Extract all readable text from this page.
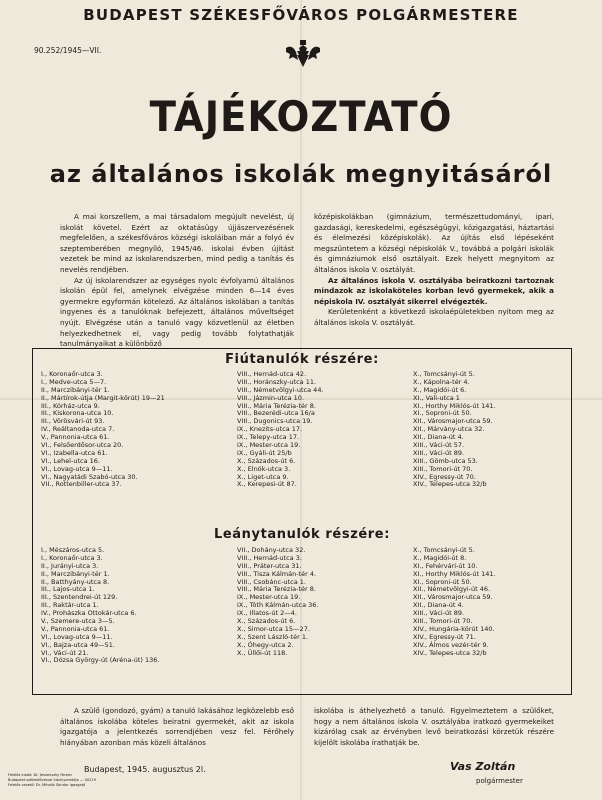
BUDAPEST SZÉKESFŐVÁROS POLGÁRMESTERE
90.252/1945—VII.
TÁJÉKOZTATÓ
az általános iskolák megnyitásáról

A mai korszellem, a mai társadalom megújult nevelést, új iskolát követel. Ezért az oktatásügy újjászervezésének megfelelően, a székesfőváros községi iskoláiban már a folyó év szeptemberében megnyíló, 1945/46. iskolai évben újítást vezetek be mind az iskolarendszerben, mind pedig a tanítás és nevelés rendjében.

Az új iskolarendszer az egységes nyolc évfolyamú általános iskolán épül fel, amelynek elvégzése minden 6—14 éves gyermekre egyformán kötelező. Az általános iskolában a tanítás ingyenes és a tanulóknak befejezett, általános műveltséget nyújt. Elvégzése után a tanuló vagy közvetlenül az életben helyezkedhetnek el, vagy pedig tovább folytathatják tanulmányaikat a különböző

középiskolákban (gimnázium, természettudományi, ipari, gazdasági, kereskedelmi, egészségügyi, közigazgatási, háztartási és élelmezési középiskolák). Az újítás első lépéseként megszüntetem a községi népiskolák V., továbbá a polgári iskolák és gimnáziumok első osztályait. Ezek helyett megnyitom az általános iskola V. osztályát.

Az általános iskola V. osztályába beiratkozni tartoznak mindazok az iskolaköteles korban levő gyermekek, akik a népiskola IV. osztályát sikerrel elvégezték.

Kerületenként a következő iskolaépületekben nyitom meg az általános iskola V. osztályát.

Fiútanulók részére:
I., Koronaőr-utca 3.
I., Medve-utca 5—7.
II., Marczibányi-tér 1.
II., Mártírok-útja (Margit-körút) 19—21
III., Kórház-utca 9.
III., Kiskorona-utca 10.
III., Vörösvári-út 93.
IV., Reáltanoda-utca 7.
V., Pannonia-utca 61.
VI., Felsőerdősor-utca 20.
VI., Izabella-utca 61.
VI., Lehel-utca 16.
VI., Lovag-utca 9—11.
VI., Nagyatádi Szabó-utca 30.
VII., Rottenbiller-utca 37.
VIII., Hernád-utca 42.
VIII., Horánszky-utca 11.
VIII., Németvölgyi-utca 44.
VIII., Jázmin-utca 10.
VIII., Mária Terézia-tér 8.
VIII., Bezerédi-utca 16/a
VIII., Dugonics-utca 19.
IX., Knezits-utca 17.
IX., Telepy-utca 17.
IX., Mester-utca 19.
IX., Gyáli-út 25/b
X., Százados-út 6.
X., Elnök-utca 3.
X., Liget-utca 9.
X., Kerepesi-út 87.
X., Tomcsányi-út 5.
X., Kápolna-tér 4.
X., Magidói-út 6.
XI., Vali-utca 1
XI., Horthy Miklós-út 141.
XI., Soproni-út 50.
XII., Városmajor-utca 59.
XII., Márvány-utca 32.
XII., Diana-út 4.
XIII., Váci-út 57.
XIII., Váci-út 89.
XIII., Gömb-utca 53.
XIII., Tomori-út 70.
XIV., Egressy-út 70.
XIV., Telepes-utca 32/b
Leánytanulók részére:
I., Mészáros-utca 5.
I., Koronaőr-utca 3.
II., Jurányi-utca 3.
II., Marczibányi-tér 1.
II., Batthyány-utca 8.
III., Lajos-utca 1.
III., Szentendrei-út 129.
III., Raktár-utca 1.
IV., Prohászka Ottokár-utca 6.
V., Szemere-utca 3—5.
V., Pannonia-utca 61.
VI., Lovag-utca 9—11.
VI., Bajza-utca 49—51.
VI., Váci-út 21.
VI., Dózsa György-út (Aréna-út) 136.
VII., Dohány-utca 32.
VIII., Hernád-utca 3.
VIII., Práter-utca 31.
VIII., Tisza Kálmán-tér 4.
VIII., Csobánc-utca 1.
VIII., Mária Terézia-tér 8.
IX., Mester-utca 19.
IX., Tóth Kálmán-utca 36.
IX., Illatos-út 2—4.
X., Százados-út 6.
X., Simor-utca 15—27.
X., Szent László-tér 1.
X., Óhegy-utca 2.
X., Üllői-út 118.
X., Tomcsányi-út 5.
X., Magidói-út 8.
XI., Fehérvári-út 10.
XI., Horthy Miklós-út 141.
XI., Soproni-út 50.
XII., Németvölgyi-út 46.
XII., Városmajor-utca 59.
XII., Diana-út 4.
XIII., Váci-út 89.
XIII., Tomori-út 70.
XIV., Hungária-körút 140.
XIV., Egressy-út 71.
XIV., Álmos vezér-tér 9.
XIV., Telepes-utca 32/b

A szülő (gondozó, gyám) a tanuló lakásához legközelebb eső általános iskolába köteles beiratni gyermekét, akit az iskola igazgatója a jelentkezés sorrendjében vesz fel. Férőhely hiányában azonban más közeli általános

iskolába is áthelyezhető a tanuló. Figyelmeztetem a szülőket, hogy a nem általános iskola V. osztályába iratkozó gyermekeiket kizárólag csak az érvényben levő beiratkozási körzetük részére kijelölt iskolába írathatják be.

Budapest, 1945. augusztus 2l.	Vas Zoltán
polgármester
Felelős kiadó: Dr. Jeszenszky Ferenc
Budapest székesfővárosi házinyomdája — 00219
Felelős vezető: Dr. Mihalik Sándor igazgató
